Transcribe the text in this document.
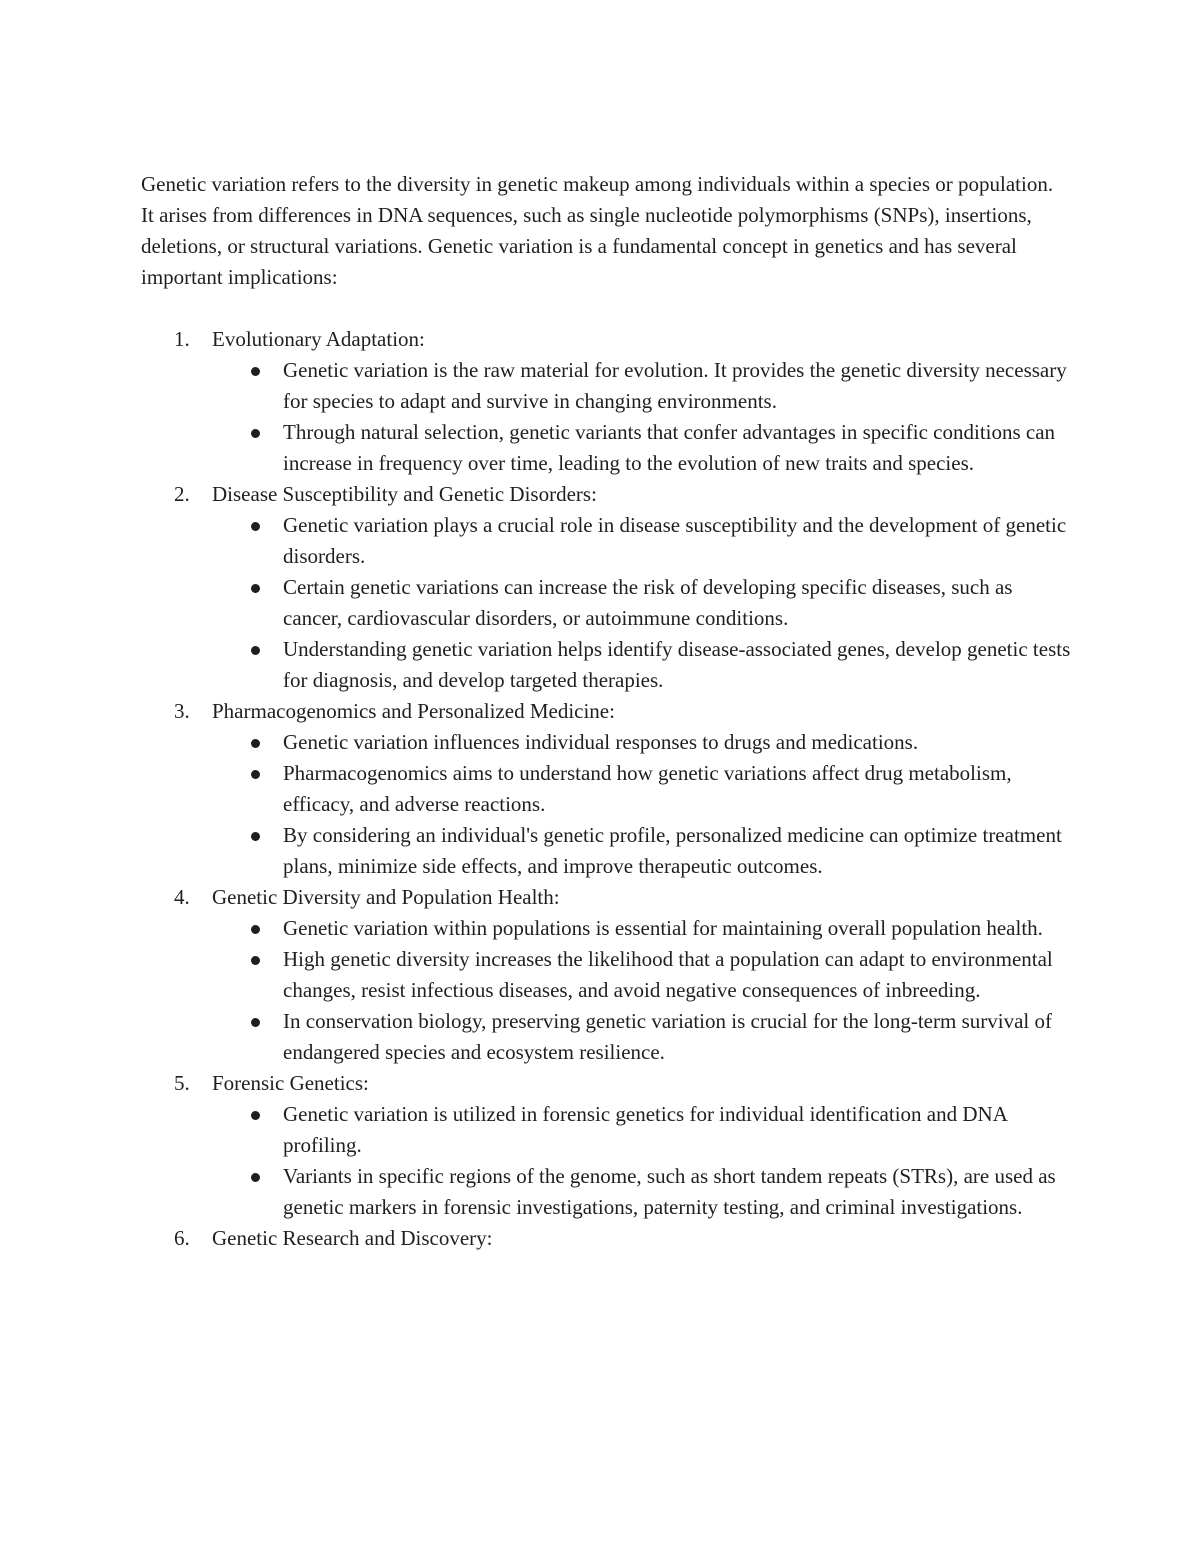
Genetic variation refers to the diversity in genetic makeup among individuals within a species or population. It arises from differences in DNA sequences, such as single nucleotide polymorphisms (SNPs), insertions, deletions, or structural variations. Genetic variation is a fundamental concept in genetics and has several important implications:

1. Evolutionary Adaptation:
Genetic variation is the raw material for evolution. It provides the genetic diversity necessary for species to adapt and survive in changing environments.
Through natural selection, genetic variants that confer advantages in specific conditions can increase in frequency over time, leading to the evolution of new traits and species.
2. Disease Susceptibility and Genetic Disorders:
Genetic variation plays a crucial role in disease susceptibility and the development of genetic disorders.
Certain genetic variations can increase the risk of developing specific diseases, such as cancer, cardiovascular disorders, or autoimmune conditions.
Understanding genetic variation helps identify disease-associated genes, develop genetic tests for diagnosis, and develop targeted therapies.
3. Pharmacogenomics and Personalized Medicine:
Genetic variation influences individual responses to drugs and medications.
Pharmacogenomics aims to understand how genetic variations affect drug metabolism, efficacy, and adverse reactions.
By considering an individual's genetic profile, personalized medicine can optimize treatment plans, minimize side effects, and improve therapeutic outcomes.
4. Genetic Diversity and Population Health:
Genetic variation within populations is essential for maintaining overall population health.
High genetic diversity increases the likelihood that a population can adapt to environmental changes, resist infectious diseases, and avoid negative consequences of inbreeding.
In conservation biology, preserving genetic variation is crucial for the long-term survival of endangered species and ecosystem resilience.
5. Forensic Genetics:
Genetic variation is utilized in forensic genetics for individual identification and DNA profiling.
Variants in specific regions of the genome, such as short tandem repeats (STRs), are used as genetic markers in forensic investigations, paternity testing, and criminal investigations.
6. Genetic Research and Discovery:
